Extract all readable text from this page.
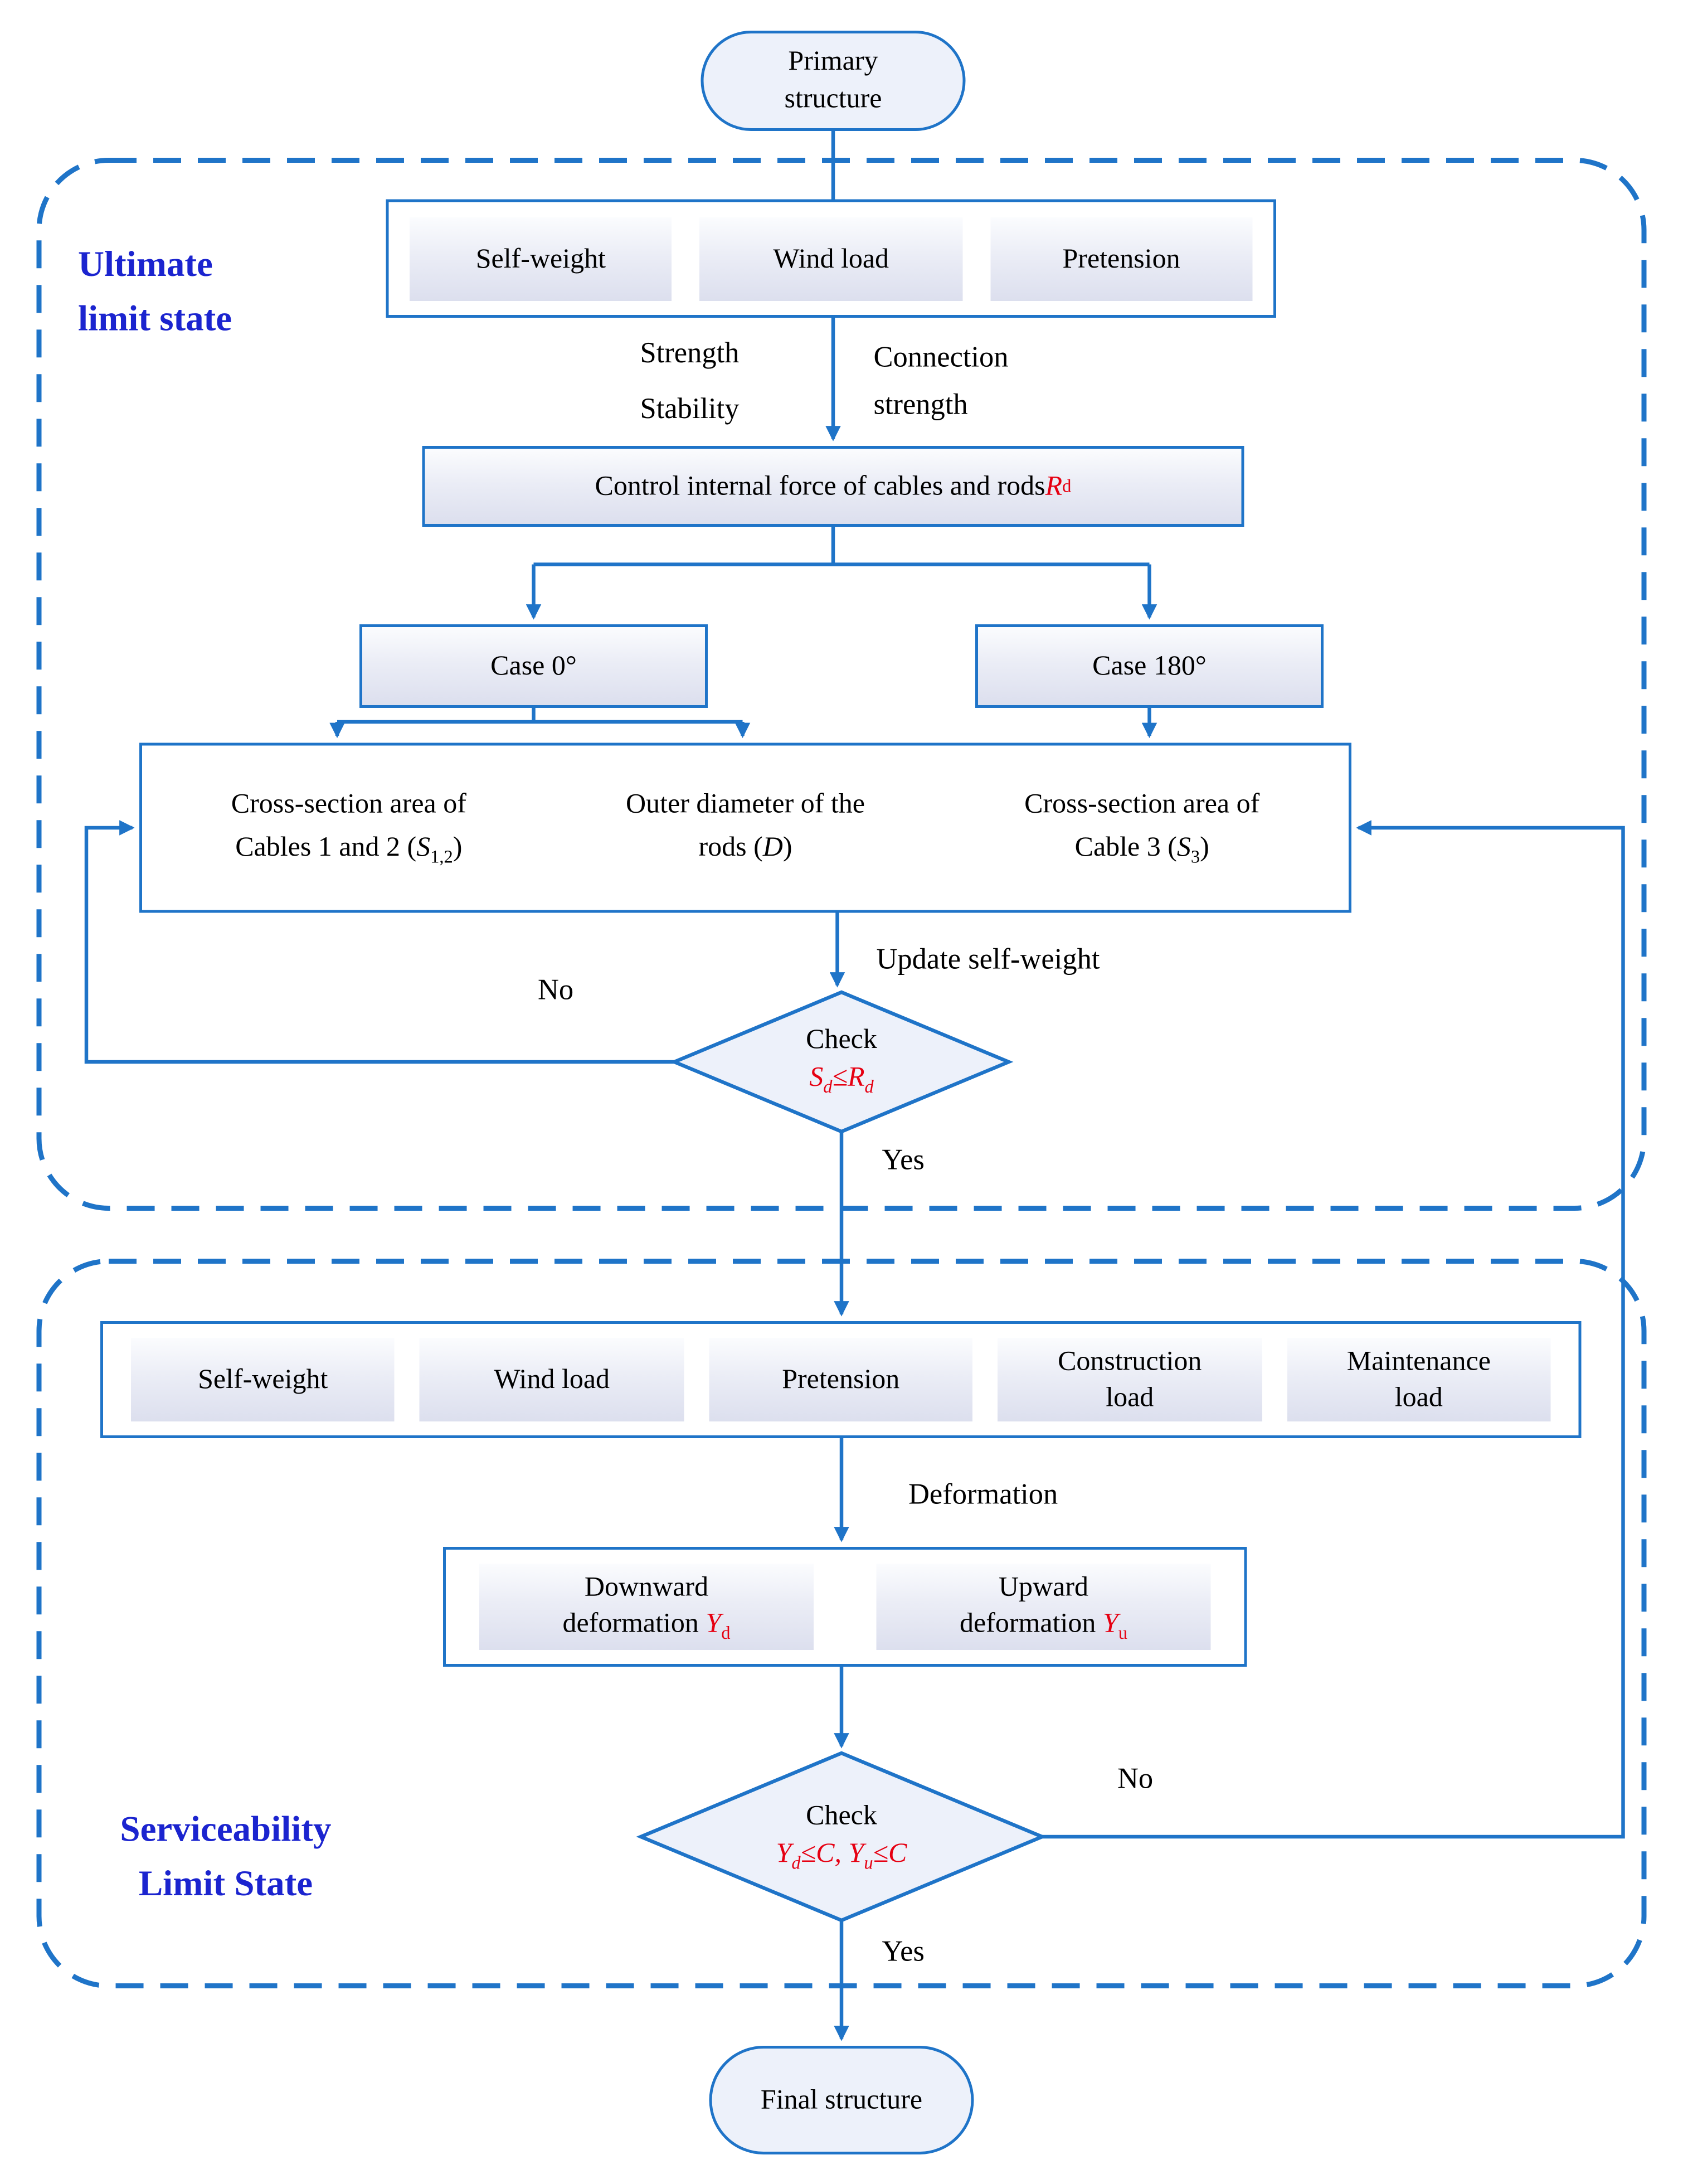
Primary
structure
Ultimate
limit state
Self-weight	Wind load	Pretension
Strength
Stability
Connection
strength
Control internal force of cables and rods R d
Case 0°	Case 180°
Cross-section area of
Cables 1 and 2 $(S_{1,2})$
Outer diameter of the
rods (D)
Cross-section area of
Cable 3 $(S_3)$
Update self-weight
Check
$S_d\le R_d$
No
Yes
Serviceability
Limit State
Self-weight	Wind load	Pretension
Construction
load
Maintenance
load
Deformation
Downward
deformation $Y_d$
Upward
deformation $Y_u$
Check
$Y_d\le C$, $Y_u\le C$
No
Yes
Final structure
